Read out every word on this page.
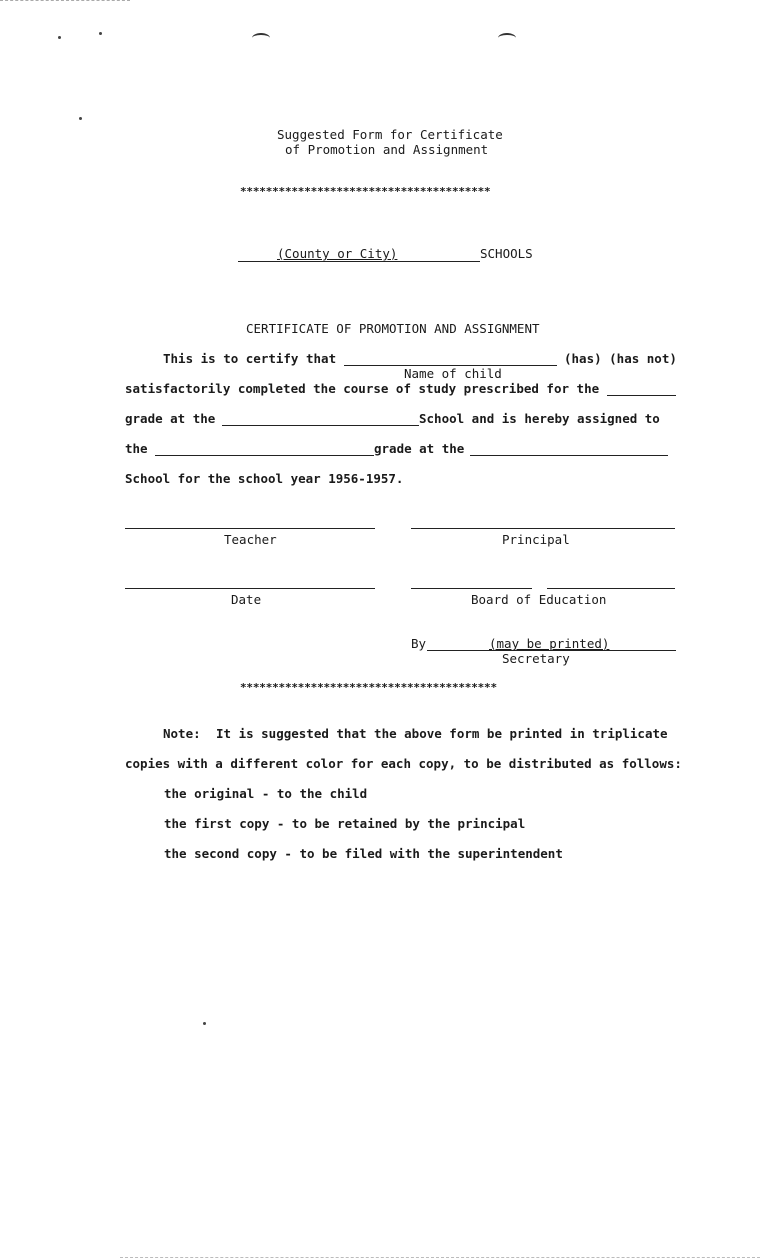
Suggested Form for Certificate
of Promotion and Assignment
***************************************
(County or City)	SCHOOLS
CERTIFICATE OF PROMOTION AND ASSIGNMENT
This is to certify that	(has) (has not)
Name of child
satisfactorily completed the course of study prescribed for the
grade at the	School and is hereby assigned to
the	grade at the
School for the school year 1956-1957.
Teacher	Principal
Date	Board of Education
By	(may be printed)
Secretary
****************************************
Note: It is suggested that the above form be printed in triplicate
copies with a different color for each copy, to be distributed as follows:
the original - to the child
the first copy - to be retained by the principal
the second copy - to be filed with the superintendent
